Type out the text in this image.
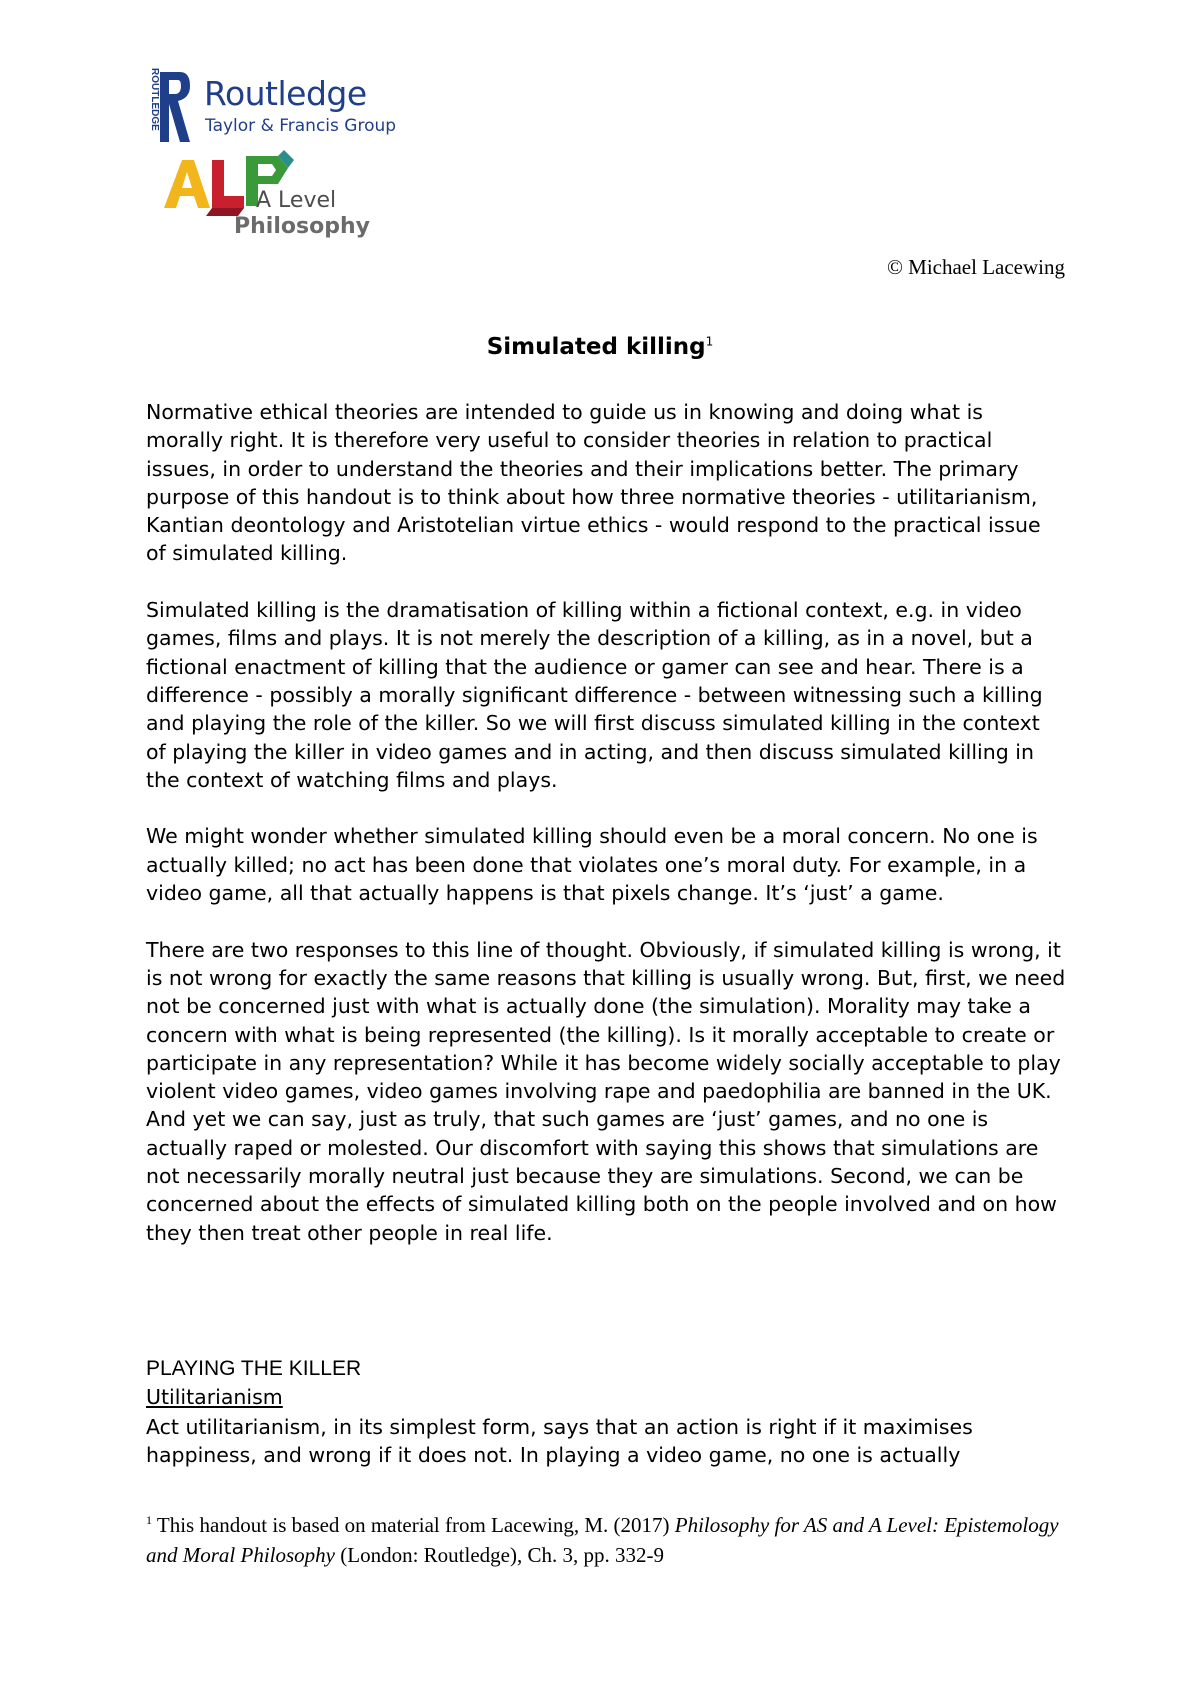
ROUTLEDGE Routledge
Taylor & Francis Group
A Level
Philosophy
© Michael Lacewing
Simulated killing$^1$

Normative ethical theories are intended to guide us in knowing and doing what is morally right. It is therefore very useful to consider theories in relation to practical issues, in order to understand the theories and their implications better. The primary purpose of this handout is to think about how three normative theories - utilitarianism, Kantian deontology and Aristotelian virtue ethics - would respond to the practical issue of simulated killing.

Simulated killing is the dramatisation of killing within a fictional context, e.g. in video games, films and plays. It is not merely the description of a killing, as in a novel, but a fictional enactment of killing that the audience or gamer can see and hear. There is a difference - possibly a morally significant difference - between witnessing such a killing and playing the role of the killer. So we will first discuss simulated killing in the context of playing the killer in video games and in acting, and then discuss simulated killing in the context of watching films and plays.

We might wonder whether simulated killing should even be a moral concern. No one is actually killed; no act has been done that violates one’s moral duty. For example, in a video game, all that actually happens is that pixels change. It’s ‘just’ a game.

There are two responses to this line of thought. Obviously, if simulated killing is wrong, it is not wrong for exactly the same reasons that killing is usually wrong. But, first, we need not be concerned just with what is actually done (the simulation). Morality may take a concern with what is being represented (the killing). Is it morally acceptable to create or participate in any representation? While it has become widely socially acceptable to play violent video games, video games involving rape and paedophilia are banned in the UK. And yet we can say, just as truly, that such games are ‘just’ games, and no one is actually raped or molested. Our discomfort with saying this shows that simulations are not necessarily morally neutral just because they are simulations. Second, we can be concerned about the effects of simulated killing both on the people involved and on how they then treat other people in real life.

PLAYING THE KILLER
Utilitarianism

Act utilitarianism, in its simplest form, says that an action is right if it maximises happiness, and wrong if it does not. In playing a video game, no one is actually

$^1$ This handout is based on material from Lacewing, M. (2017) Philosophy for AS and A Level: Epistemology and Moral Philosophy (London: Routledge), Ch. 3, pp. 332-9
